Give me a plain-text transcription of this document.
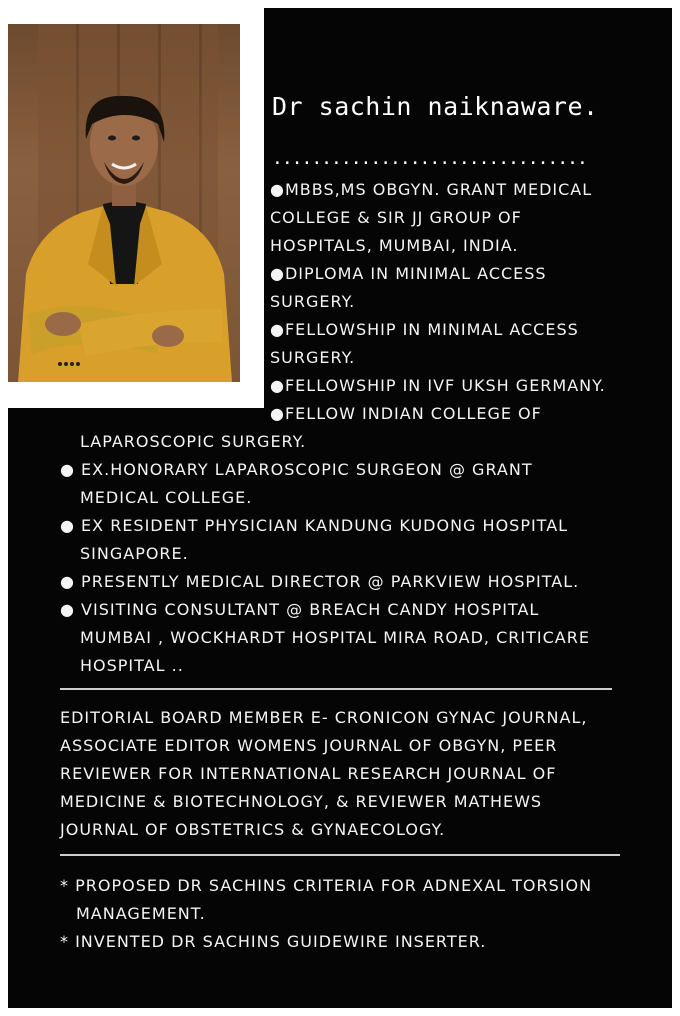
Dr sachin naiknaware.
................................
●MBBS,MS OBGYN. GRANT MEDICAL
COLLEGE & SIR JJ GROUP OF
HOSPITALS, MUMBAI, INDIA.
●DIPLOMA IN MINIMAL ACCESS
SURGERY.
●FELLOWSHIP IN MINIMAL ACCESS
SURGERY.
●FELLOWSHIP IN IVF UKSH GERMANY.
●FELLOW INDIAN COLLEGE OF
LAPAROSCOPIC SURGERY.
● EX.HONORARY LAPAROSCOPIC SURGEON @ GRANT
MEDICAL COLLEGE.
● EX RESIDENT PHYSICIAN KANDUNG KUDONG HOSPITAL
SINGAPORE.
● PRESENTLY MEDICAL DIRECTOR @ PARKVIEW HOSPITAL.
● VISITING CONSULTANT @ BREACH CANDY HOSPITAL
MUMBAI , WOCKHARDT HOSPITAL MIRA ROAD, CRITICARE
HOSPITAL ..
EDITORIAL BOARD MEMBER E- CRONICON GYNAC JOURNAL,
ASSOCIATE EDITOR WOMENS JOURNAL OF OBGYN, PEER
REVIEWER FOR INTERNATIONAL RESEARCH JOURNAL OF
MEDICINE & BIOTECHNOLOGY, & REVIEWER MATHEWS
JOURNAL OF OBSTETRICS & GYNAECOLOGY.
* PROPOSED DR SACHINS CRITERIA FOR ADNEXAL TORSION
MANAGEMENT.
* INVENTED DR SACHINS GUIDEWIRE INSERTER.
